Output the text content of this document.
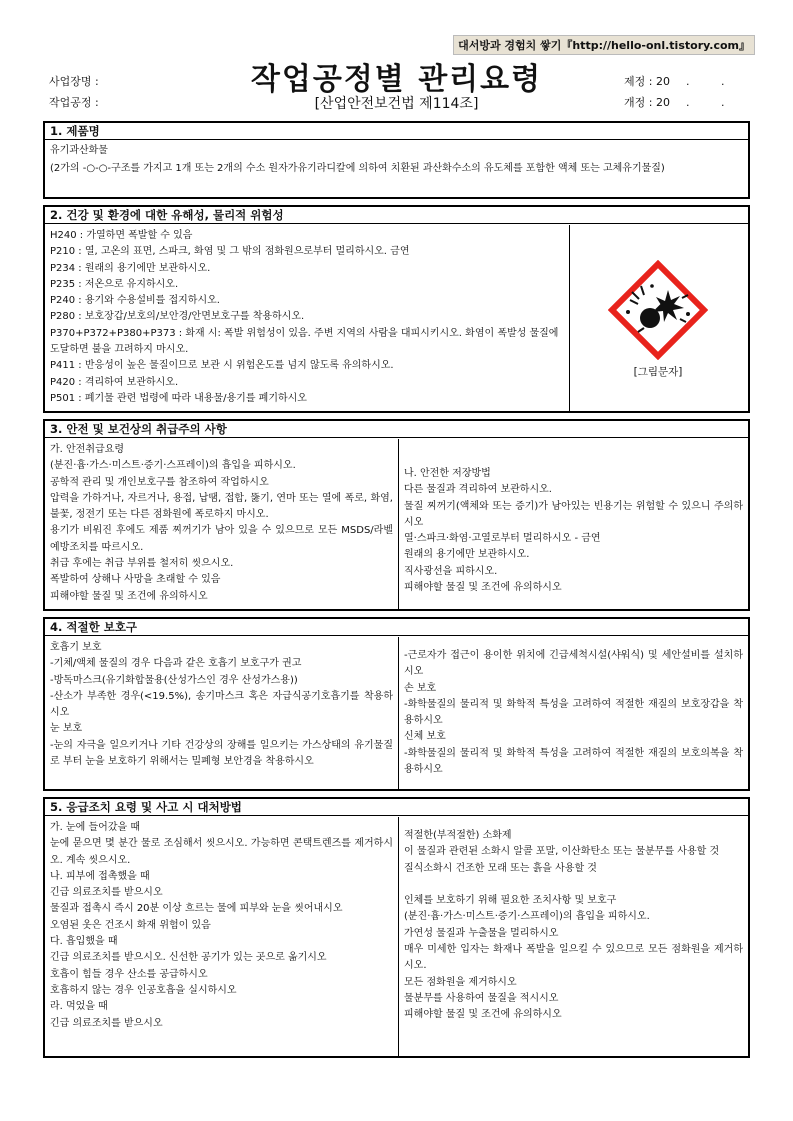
대서방과 경험치 쌓기『http://hello-onl.tistory.com』
사업장명 :
작업공정 :
작업공정별 관리요령
[산업안전보건법 제114조]
제정 : 20 . .
개정 : 20 . .
1. 제품명
유기과산화물
(2가의 -○-○-구조를 가지고 1개 또는 2개의 수소 원자가유기라디칼에 의하여 치환된 과산화수소의 유도체를 포함한 액체 또는 고체유기물질)
2. 건강 및 환경에 대한 유해성, 물리적 위험성
H240 : 가열하면 폭발할 수 있음
P210 : 열, 고온의 표면, 스파크, 화염 및 그 밖의 점화원으로부터 멀리하시오. 금연
P234 : 원래의 용기에만 보관하시오.
P235 : 저온으로 유지하시오.
P240 : 용기와 수용설비를 접지하시오.
P280 : 보호장갑/보호의/보안경/안면보호구를 착용하시오.
P370+P372+P380+P373 : 화재 시: 폭발 위험성이 있음. 주변 지역의 사람을 대피시키시오. 화염이 폭발성 물질에 도달하면 불을 끄려하지 마시오.
P411 : 반응성이 높은 물질이므로 보관 시 위험온도를 넘지 않도록 유의하시오.
P420 : 격리하여 보관하시오.
P501 : 폐기물 관련 법령에 따라 내용물/용기를 폐기하시오
[그림문자]
3. 안전 및 보건상의 취급주의 사항
가. 안전취급요령
(분진·흄·가스·미스트·증기·스프레이)의 흡입을 피하시오.
공학적 관리 및 개인보호구를 참조하여 작업하시오
압력을 가하거나, 자르거나, 용접, 납땜, 접합, 뚫기, 연마 또는 열에 폭로, 화염, 불꽃, 정전기 또는 다른 점화원에 폭로하지 마시오.
용기가 비워진 후에도 제품 찌꺼기가 남아 있을 수 있으므로 모든 MSDS/라벨 예방조치를 따르시오.
취급 후에는 취급 부위를 철저히 씻으시오.
폭발하여 상해나 사망을 초래할 수 있음
피해야할 물질 및 조건에 유의하시오
나. 안전한 저장방법
다른 물질과 격리하여 보관하시오.
물질 찌꺼기(액체와 또는 증기)가 남아있는 빈용기는 위험할 수 있으니 주의하시오
열·스파크·화염·고열로부터 멀리하시오 - 금연
원래의 용기에만 보관하시오.
직사광선을 피하시오.
피해야할 물질 및 조건에 유의하시오
4. 적절한 보호구
호흡기 보호
-기체/액체 물질의 경우 다음과 같은 호흡기 보호구가 권고
-방독마스크(유기화합물용(산성가스인 경우 산성가스용))
-산소가 부족한 경우(<19.5%), 송기마스크 혹은 자급식공기호흡기를 착용하시오
눈 보호
-눈의 자극을 일으키거나 기타 건강상의 장해를 일으키는 가스상태의 유기물질로 부터 눈을 보호하기 위해서는 밀폐형 보안경을 착용하시오
-근로자가 접근이 용이한 위치에 긴급세척시설(샤워식) 및 세안설비를 설치하시오
손 보호
-화학물질의 물리적 및 화학적 특성을 고려하여 적절한 재질의 보호장갑을 착용하시오
신체 보호
-화학물질의 물리적 및 화학적 특성을 고려하여 적절한 재질의 보호의복을 착용하시오
5. 응급조치 요령 및 사고 시 대처방법
가. 눈에 들어갔을 때
눈에 묻으면 몇 분간 물로 조심해서 씻으시오. 가능하면 콘택트렌즈를 제거하시오. 계속 씻으시오.
나. 피부에 접촉했을 때
긴급 의료조치를 받으시오
물질과 접촉시 즉시 20분 이상 흐르는 물에 피부와 눈을 씻어내시오
오염된 옷은 건조시 화재 위험이 있음
다. 흡입했을 때
긴급 의료조치를 받으시오. 신선한 공기가 있는 곳으로 옮기시오
호흡이 힘들 경우 산소를 공급하시오
호흡하지 않는 경우 인공호흡을 실시하시오
라. 먹었을 때
긴급 의료조치를 받으시오
적절한(부적절한) 소화제
이 물질과 관련된 소화시 알콜 포말, 이산화탄소 또는 물분무를 사용할 것
질식소화시 건조한 모래 또는 흙을 사용할 것
인체를 보호하기 위해 필요한 조치사항 및 보호구
(분진·흄·가스·미스트·증기·스프레이)의 흡입을 피하시오.
가연성 물질과 누출물을 멀리하시오
매우 미세한 입자는 화재나 폭발을 일으킬 수 있으므로 모든 점화원을 제거하시오.
모든 점화원을 제거하시오
물분무를 사용하여 물질을 적시시오
피해야할 물질 및 조건에 유의하시오
